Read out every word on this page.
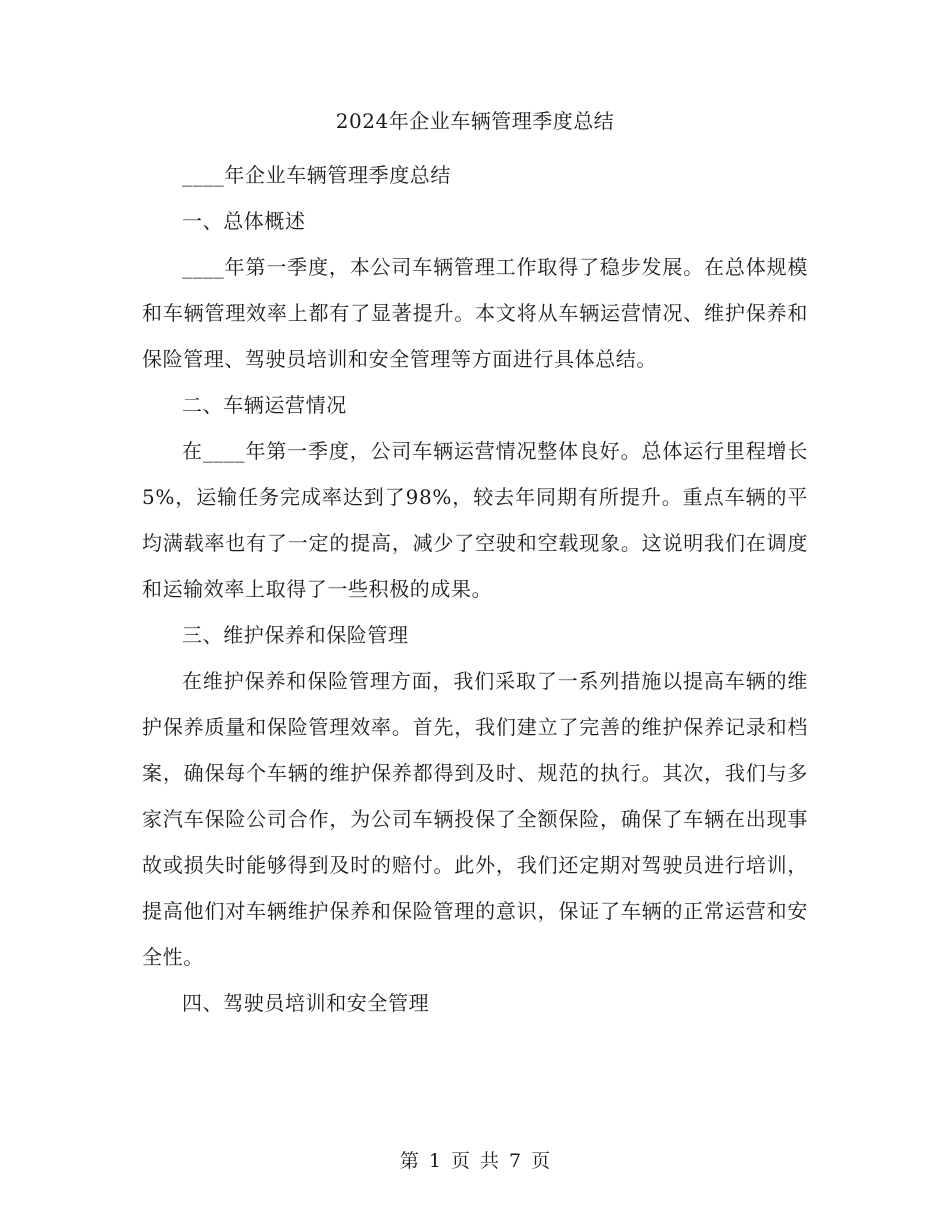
2024年企业车辆管理季度总结

____年企业车辆管理季度总结

一、总体概述

____年第一季度，本公司车辆管理工作取得了稳步发展。在总体规模和车辆管理效率上都有了显著提升。本文将从车辆运营情况、维护保养和保险管理、驾驶员培训和安全管理等方面进行具体总结。

二、车辆运营情况

在____年第一季度，公司车辆运营情况整体良好。总体运行里程增长5%，运输任务完成率达到了98%，较去年同期有所提升。重点车辆的平均满载率也有了一定的提高，减少了空驶和空载现象。这说明我们在调度和运输效率上取得了一些积极的成果。

三、维护保养和保险管理

在维护保养和保险管理方面，我们采取了一系列措施以提高车辆的维护保养质量和保险管理效率。首先，我们建立了完善的维护保养记录和档案，确保每个车辆的维护保养都得到及时、规范的执行。其次，我们与多家汽车保险公司合作，为公司车辆投保了全额保险，确保了车辆在出现事故或损失时能够得到及时的赔付。此外，我们还定期对驾驶员进行培训，提高他们对车辆维护保养和保险管理的意识，保证了车辆的正常运营和安全性。

四、驾驶员培训和安全管理

第 1 页 共 7 页
